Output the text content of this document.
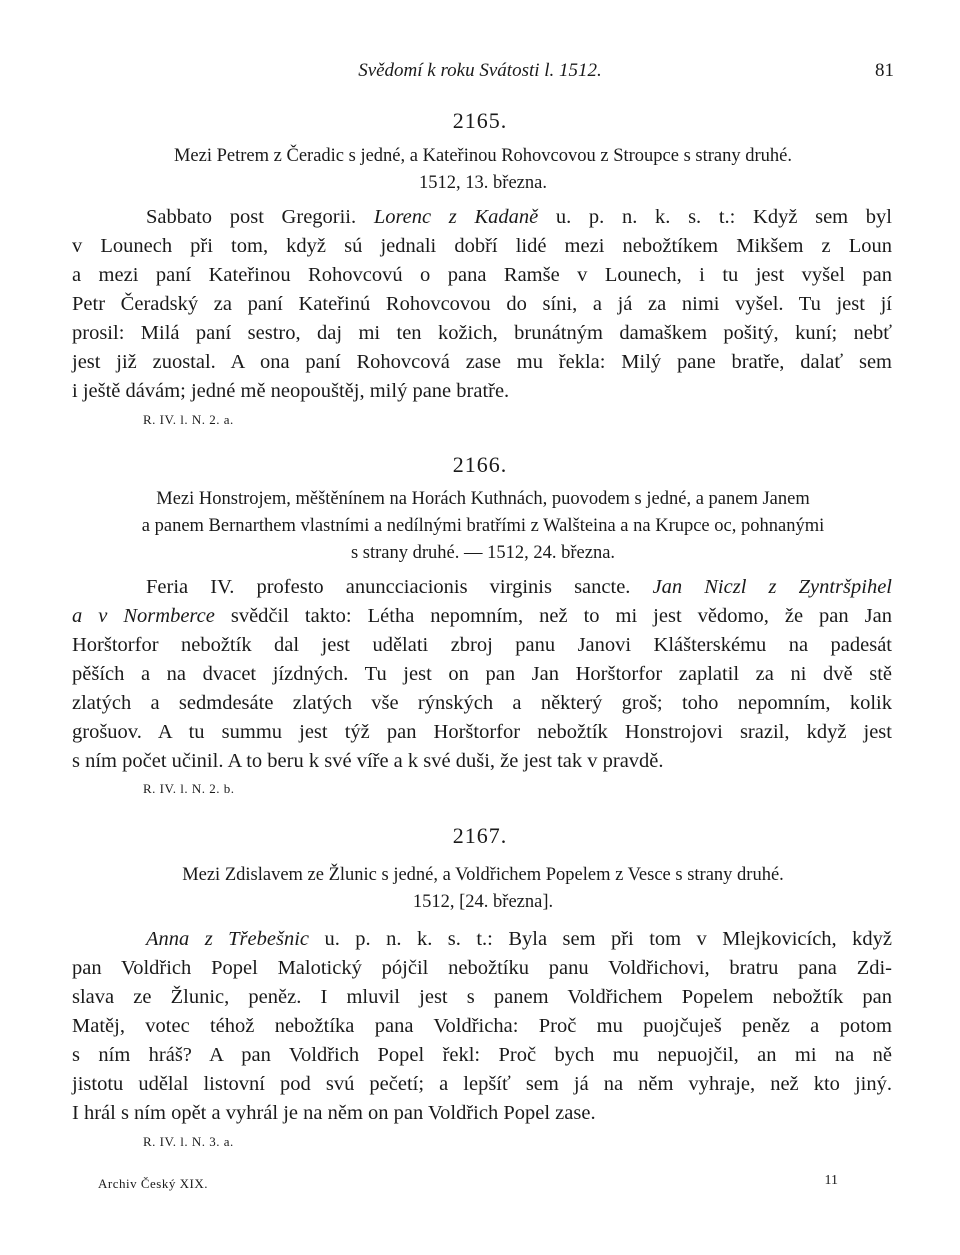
Svědomí k roku Svátosti l. 1512.	81
2165.
Mezi Petrem z Čeradic s jedné, a Kateřinou Rohovcovou z Stroupce s strany druhé.
1512, 13. března.
Sabbato post Gregorii. Lorenc z Kadaně u. p. n. k. s. t.: Když sem byl
v Lounech při tom, když sú jednali dobří lidé mezi nebožtíkem Mikšem z Loun
a mezi paní Kateřinou Rohovcovú o pana Ramše v Lounech, i tu jest vyšel pan
Petr Čeradský za paní Kateřinú Rohovcovou do síni, a já za nimi vyšel. Tu jest jí
prosil: Milá paní sestro, daj mi ten kožich, brunátným damaškem pošitý, kuní; nebť
jest již zuostal. A ona paní Rohovcová zase mu řekla: Milý pane bratře, dalať sem
i ještě dávám; jedné mě neopouštěj, milý pane bratře.
R. IV. l. N. 2. a.
2166.
Mezi Honstrojem, měštěnínem na Horách Kuthnách, puovodem s jedné, a panem Janem
a panem Bernarthem vlastními a nedílnými bratřími z Walšteina a na Krupce oc, pohnanými
s strany druhé. — 1512, 24. března.
Feria IV. profesto anuncciacionis virginis sancte. Jan Niczl z Zyntršpihel
a v Normberce svědčil takto: Létha nepomním, než to mi jest vědomo, že pan Jan
Horštorfor nebožtík dal jest udělati zbroj panu Janovi Klášterskému na padesát
pěších a na dvacet jízdných. Tu jest on pan Jan Horštorfor zaplatil za ni dvě stě
zlatých a sedmdesáte zlatých vše rýnských a některý groš; toho nepomním, kolik
grošuov. A tu summu jest týž pan Horštorfor nebožtík Honstrojovi srazil, když jest
s ním počet učinil. A to beru k své víře a k své duši, že jest tak v pravdě.
R. IV. l. N. 2. b.
2167.
Mezi Zdislavem ze Žlunic s jedné, a Voldřichem Popelem z Vesce s strany druhé.
1512, [24. března].
Anna z Třebešnic u. p. n. k. s. t.: Byla sem při tom v Mlejkovicích, když
pan Voldřich Popel Malotický pójčil nebožtíku panu Voldřichovi, bratru pana Zdi-
slava ze Žlunic, peněz. I mluvil jest s panem Voldřichem Popelem nebožtík pan
Matěj, votec téhož nebožtíka pana Voldřicha: Proč mu puojčuješ peněz a potom
s ním hráš? A pan Voldřich Popel řekl: Proč bych mu nepuojčil, an mi na ně
jistotu udělal listovní pod svú pečetí; a lepšíť sem já na něm vyhraje, než kto jiný.
I hrál s ním opět a vyhrál je na něm on pan Voldřich Popel zase.
R. IV. l. N. 3. a.
Archiv Český XIX.	11
